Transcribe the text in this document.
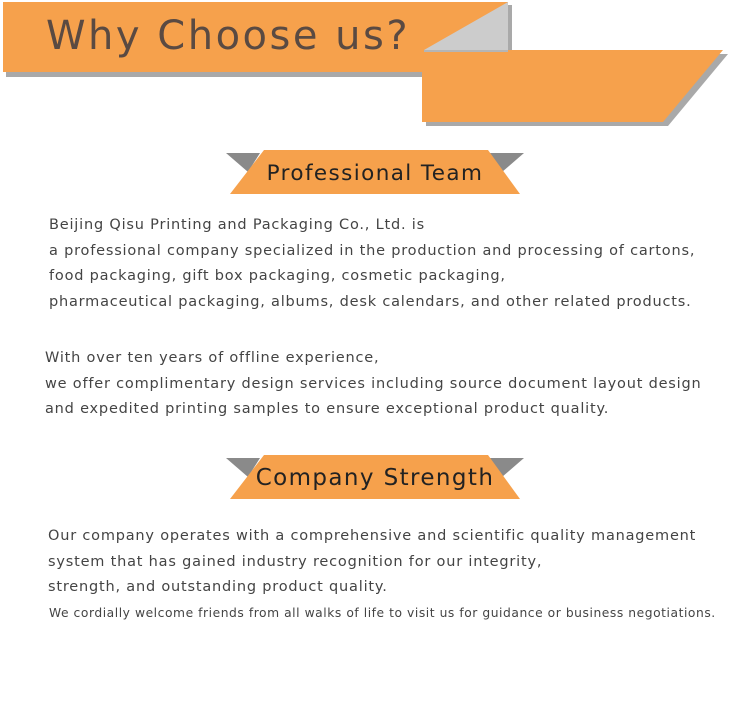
Why Choose us?
Professional Team

Beijing Qisu Printing and Packaging Co., Ltd. is

a professional company specialized in the production and processing of cartons,

food packaging, gift box packaging, cosmetic packaging,

pharmaceutical packaging, albums, desk calendars, and other related products.

With over ten years of offline experience,

we offer complimentary design services including source document layout design

and expedited printing samples to ensure exceptional product quality.

Company Strength

Our company operates with a comprehensive and scientific quality management

system that has gained industry recognition for our integrity,

strength, and outstanding product quality.

We cordially welcome friends from all walks of life to visit us for guidance or business negotiations.
